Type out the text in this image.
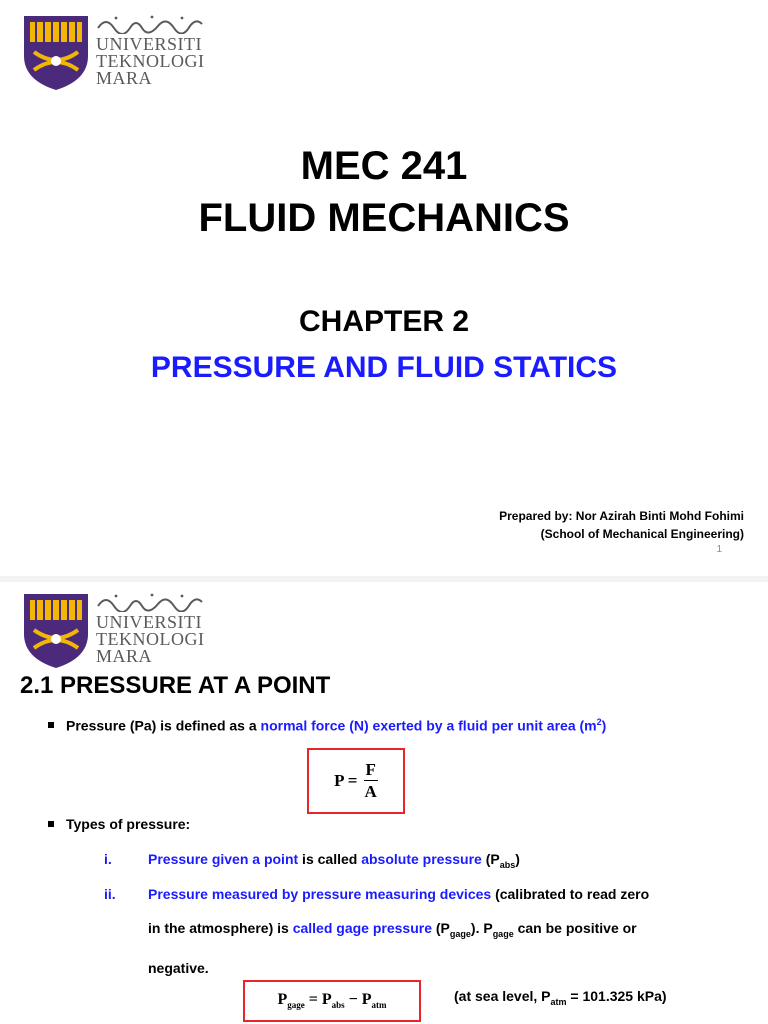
UNIVERSITI
TEKNOLOGI
MARA
MEC 241
FLUID MECHANICS
CHAPTER 2
PRESSURE AND FLUID STATICS
Prepared by: Nor Azirah Binti Mohd Fohimi
(School of Mechanical Engineering)
1
UNIVERSITI
TEKNOLOGI
MARA
2.1 PRESSURE AT A POINT
Pressure (Pa) is defined as a normal force (N) exerted by a fluid per unit area $(m^2)$
$P = \frac{F}{A}$
Types of pressure:
i.	Pressure given a point is called absolute pressure $(P_{abs})$
ii. Pressure measured by pressure measuring devices (calibrated to read zero
in the atmosphere) is called gage pressure $(P_{gage})$. $P_{gage}$ can be positive or
negative.
$P_{gage} = P_{abs} - P_{atm}$
(at sea level, $P_{atm} = 101.325$ kPa)
